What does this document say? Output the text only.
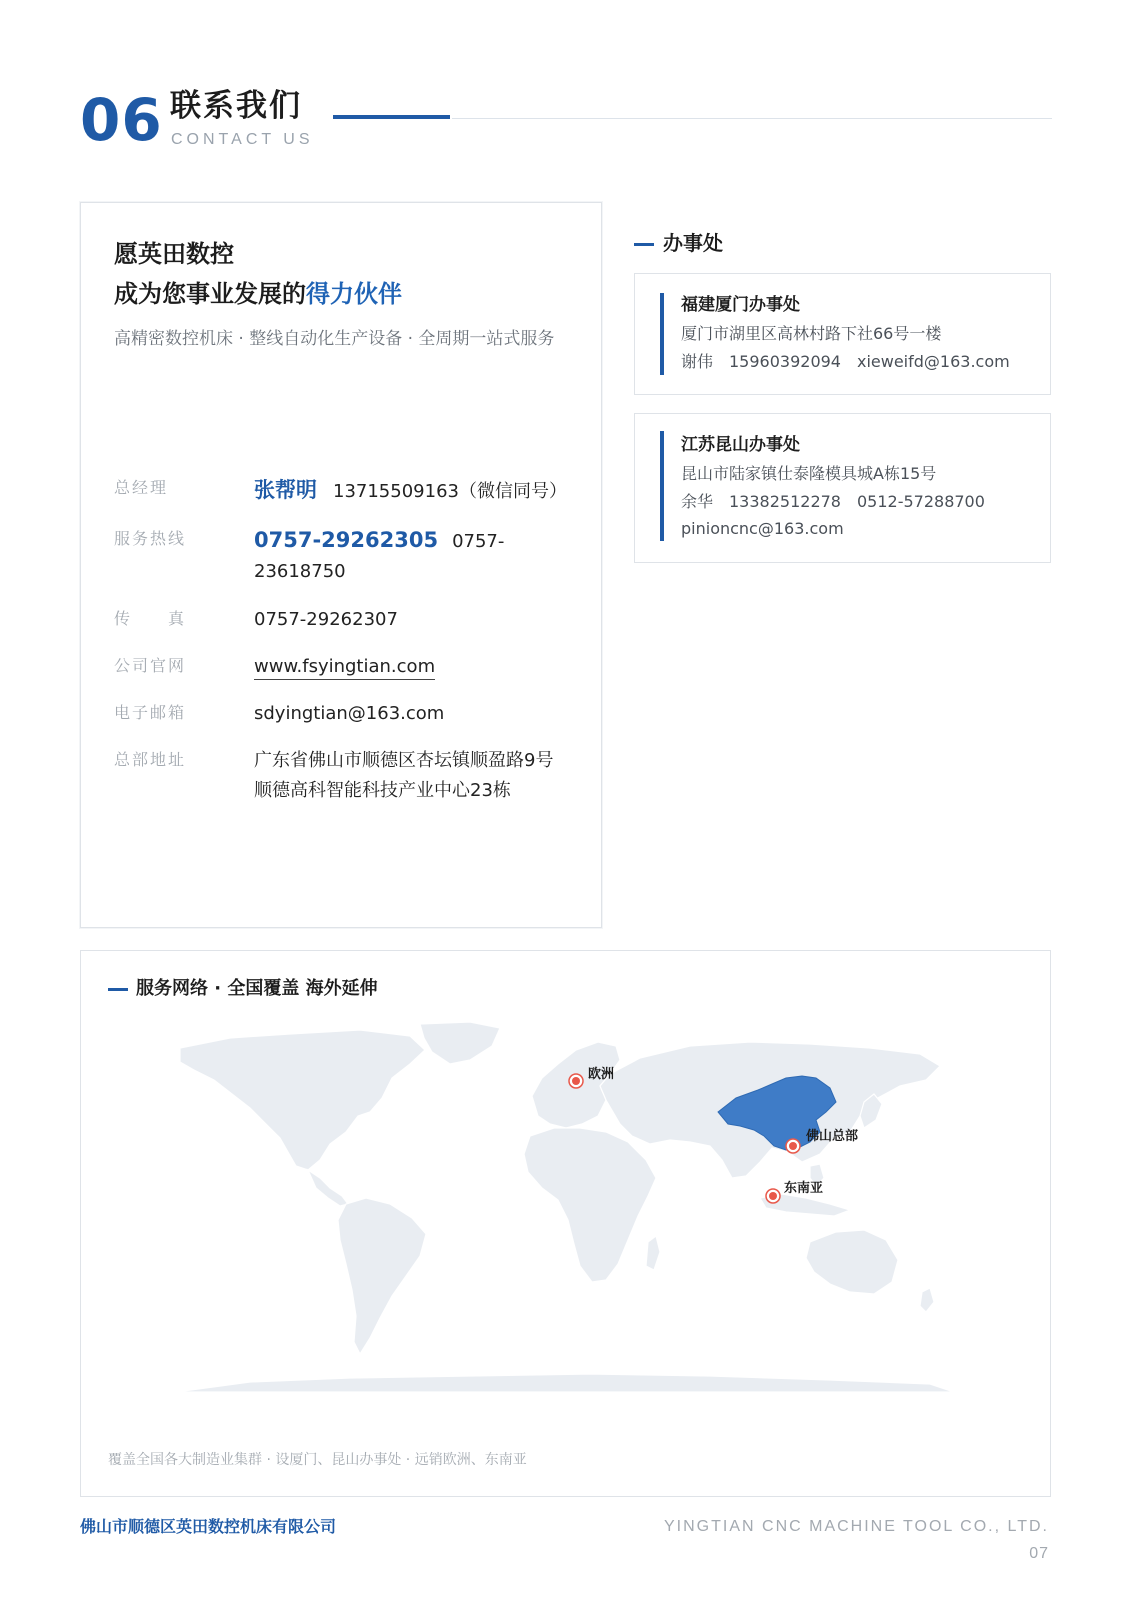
06 联系我们
CONTACT US
愿英田数控
成为您事业发展的得力伙伴
高精密数控机床 · 整线自动化生产设备 · 全周期一站式服务
总经理	张帮明 13715509163（微信同号）
服务热线	0757-29262305 0757-
23618750
传　　真	0757-29262307
公司官网	www.fsyingtian.com
电子邮箱	sdyingtian@163.com
总部地址	广东省佛山市顺德区杏坛镇顺盈路9号
顺德高科智能科技产业中心23栋
办事处
福建厦门办事处
厦门市湖里区高林村路下社66号一楼
谢伟　15960392094　xieweifd@163.com
江苏昆山办事处
昆山市陆家镇仕泰隆模具城A栋15号
余华　13382512278　0512-57288700
pinioncnc@163.com
服务网络 · 全国覆盖 海外延伸
欧洲
佛山总部
东南亚
覆盖全国各大制造业集群 · 设厦门、昆山办事处 · 远销欧洲、东南亚
佛山市顺德区英田数控机床有限公司	YINGTIAN CNC MACHINE TOOL CO., LTD.
07
